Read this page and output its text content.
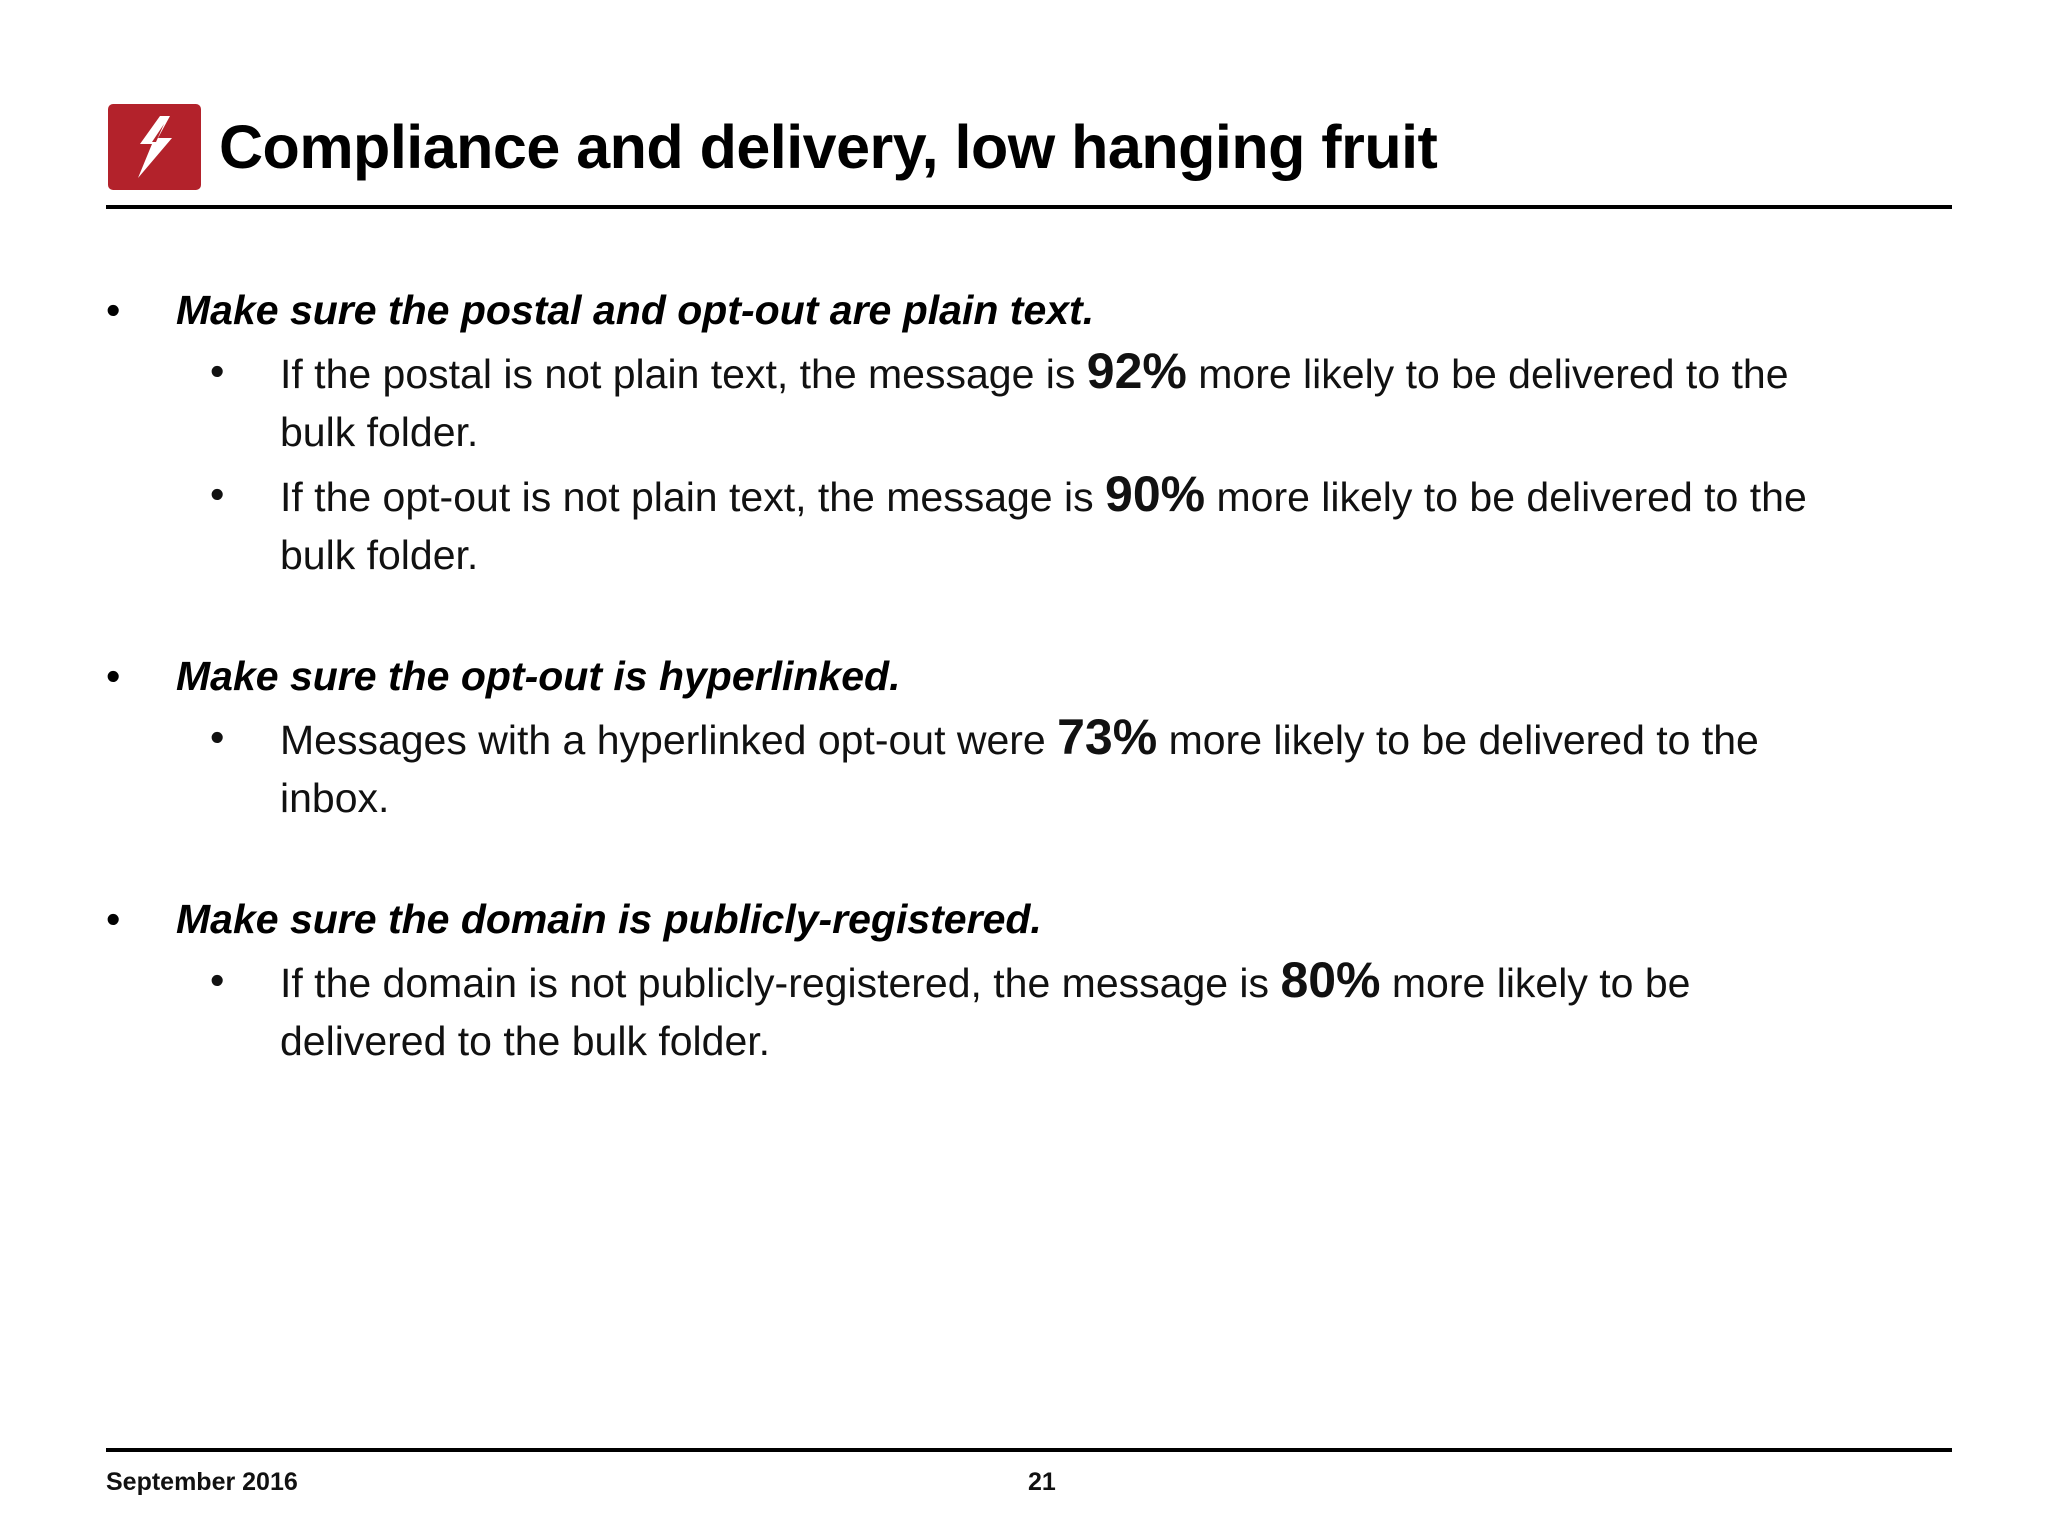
Compliance and delivery, low hanging fruit
• Make sure the postal and opt-out are plain text.
• If the postal is not plain text, the message is 92% more likely to be delivered to the bulk folder.
• If the opt-out is not plain text, the message is 90% more likely to be delivered to the bulk folder.
• Make sure the opt-out is hyperlinked.
• Messages with a hyperlinked opt-out were 73% more likely to be delivered to the inbox.
• Make sure the domain is publicly-registered.
• If the domain is not publicly-registered, the message is 80% more likely to be delivered to the bulk folder.
September 2016	21
